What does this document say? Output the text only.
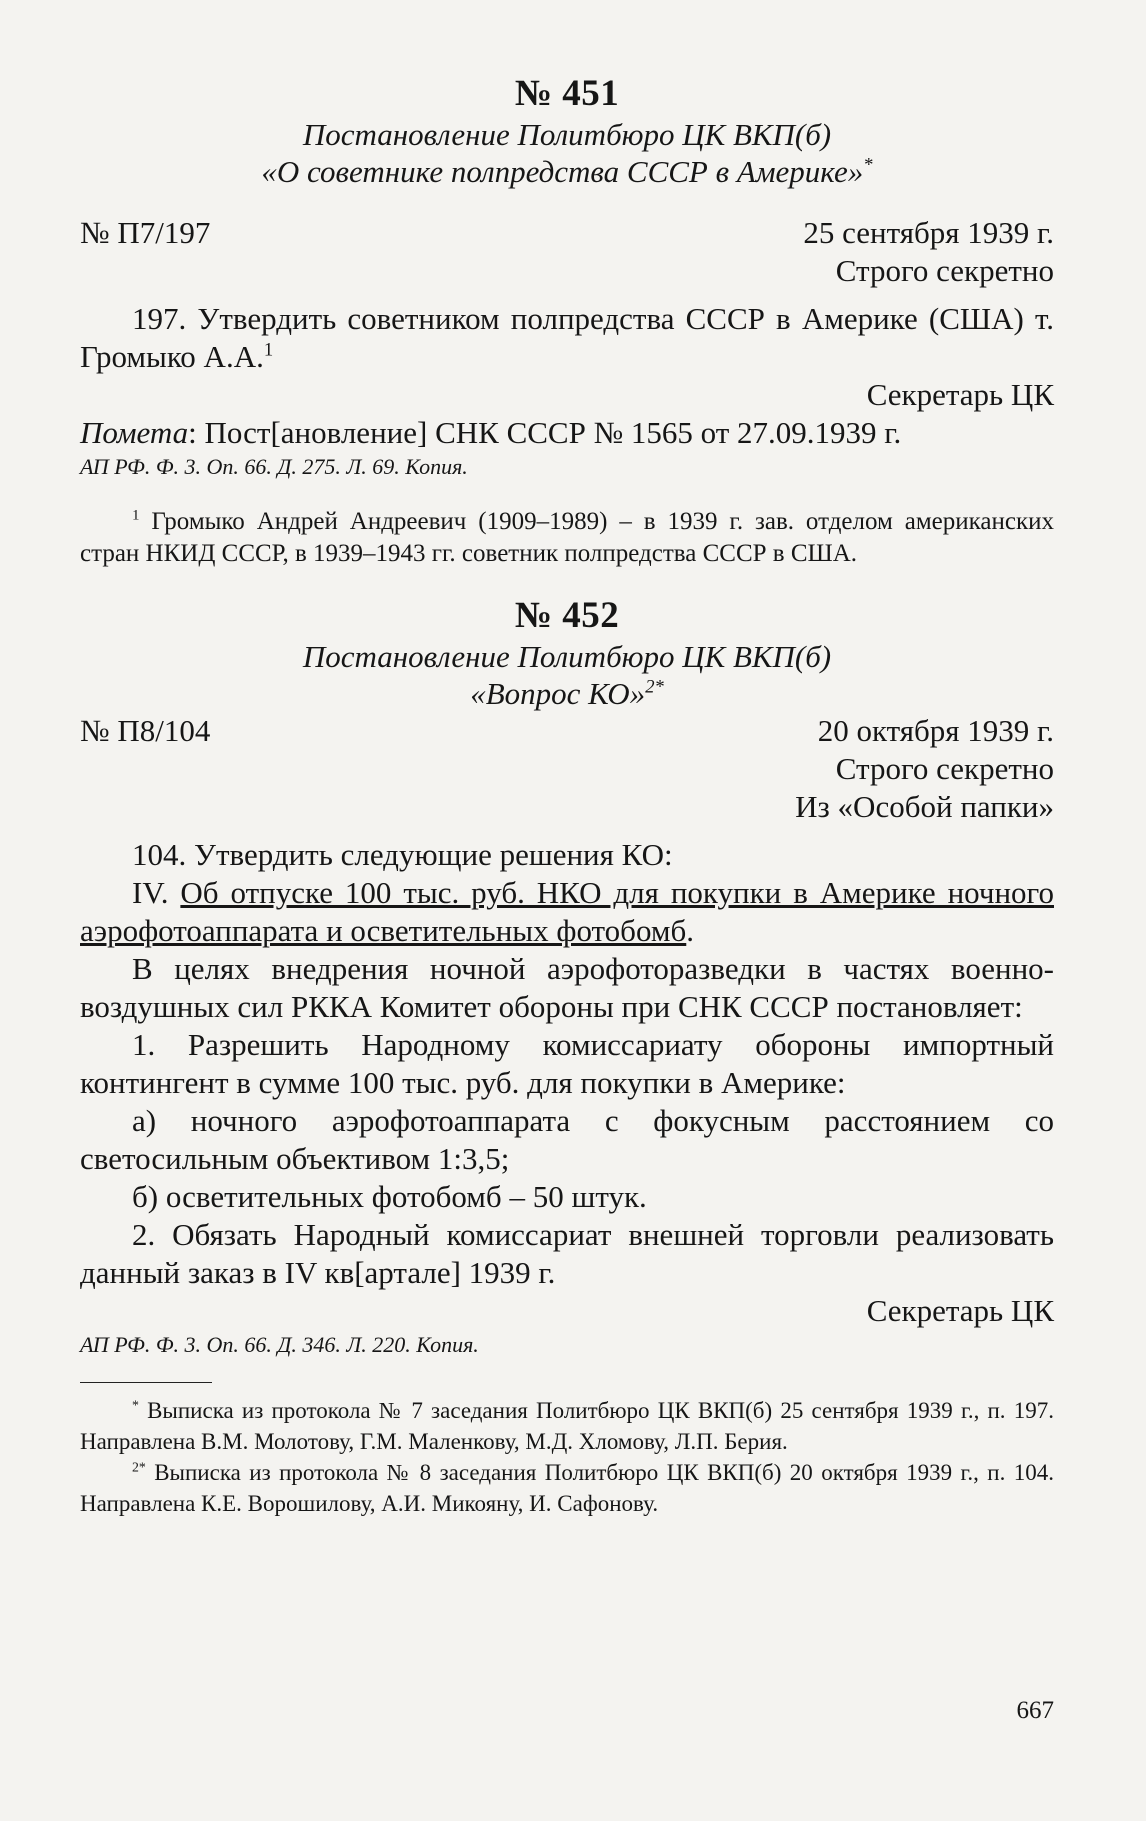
№ 451
Постановление Политбюро ЦК ВКП(б)
«О советнике полпредства СССР в Америке»*
№ П7/197	25 сентября 1939 г.
Строго секретно
197. Утвердить советником полпредства СССР в Америке (США) т. Громыко А.А.$^1$
Секретарь ЦК
Помета: Пост[ановление] СНК СССР № 1565 от 27.09.1939 г.
АП РФ. Ф. 3. Оп. 66. Д. 275. Л. 69. Копия.
$^1$ Громыко Андрей Андреевич (1909–1989) – в 1939 г. зав. отделом американских стран НКИД СССР, в 1939–1943 гг. советник полпредства СССР в США.
№ 452
Постановление Политбюро ЦК ВКП(б)
«Вопрос КО»$^{2*}$
№ П8/104	20 октября 1939 г.
Строго секретно
Из «Особой папки»
104. Утвердить следующие решения КО:
IV. Об отпуске 100 тыс. руб. НКО для покупки в Америке ночного аэрофотоаппарата и осветительных фотобомб.
В целях внедрения ночной аэрофоторазведки в частях военно-воздушных сил РККА Комитет обороны при СНК СССР постановляет:
1. Разрешить Народному комиссариату обороны импортный контингент в сумме 100 тыс. руб. для покупки в Америке:
а) ночного аэрофотоаппарата с фокусным расстоянием со светосильным объективом 1:3,5;
б) осветительных фотобомб – 50 штук.
2. Обязать Народный комиссариат внешней торговли реализовать данный заказ в IV кв[артале] 1939 г.
Секретарь ЦК
АП РФ. Ф. 3. Оп. 66. Д. 346. Л. 220. Копия.
* Выписка из протокола № 7 заседания Политбюро ЦК ВКП(б) 25 сентября 1939 г., п. 197. Направлена В.М. Молотову, Г.М. Маленкову, М.Д. Хломову, Л.П. Берия.
$^{2*}$ Выписка из протокола № 8 заседания Политбюро ЦК ВКП(б) 20 октября 1939 г., п. 104. Направлена К.Е. Ворошилову, А.И. Микояну, И. Сафонову.
667
